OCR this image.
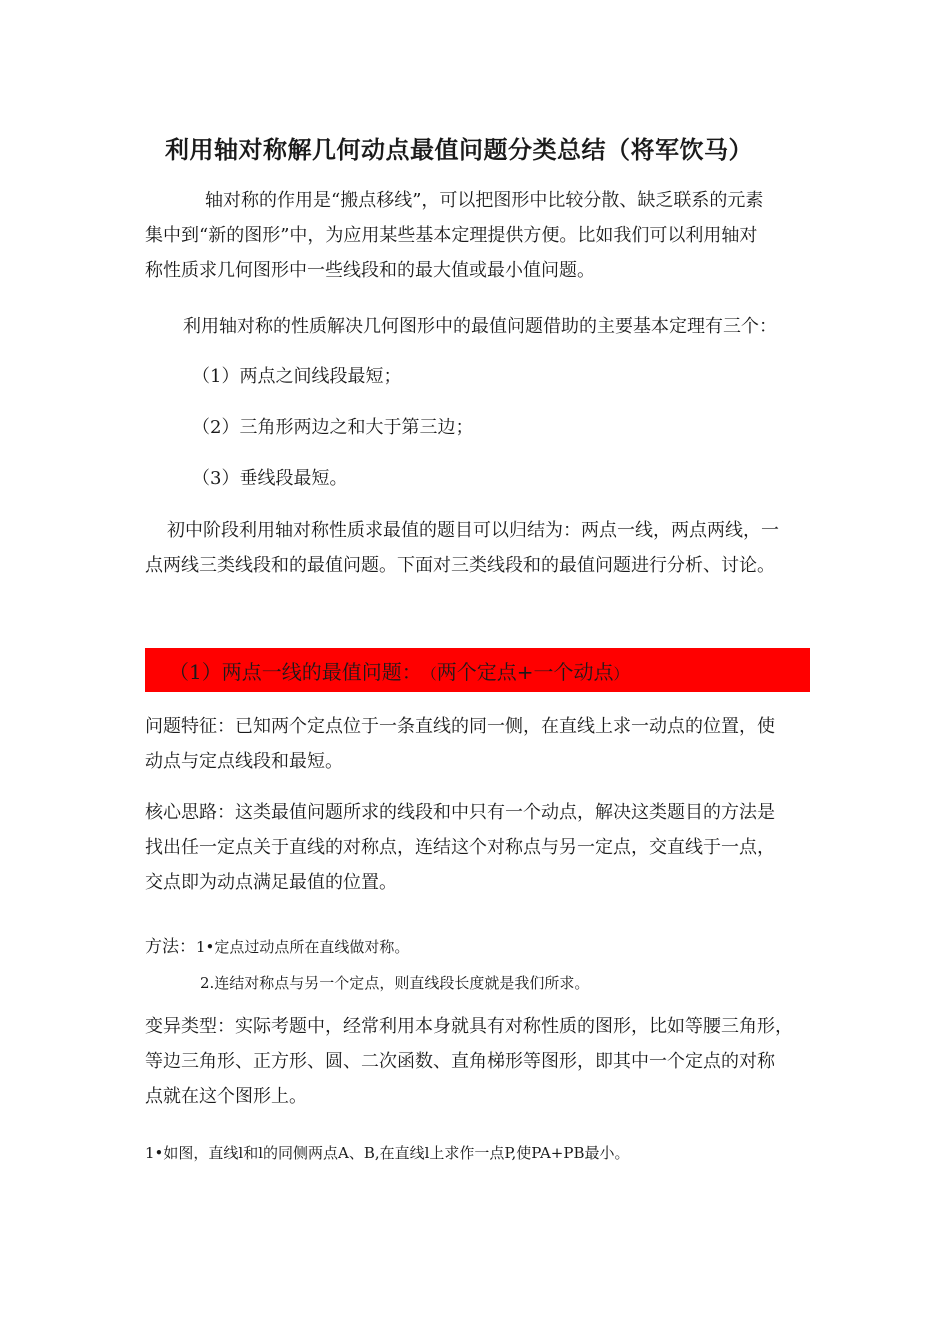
利用轴对称解几何动点最值问题分类总结（将军饮马）
轴对称的作用是“搬点移线”，可以把图形中比较分散、缺乏联系的元素
集中到“新的图形”中，为应用某些基本定理提供方便。比如我们可以利用轴对
称性质求几何图形中一些线段和的最大值或最小值问题。

利用轴对称的性质解决几何图形中的最值问题借助的主要基本定理有三个：

（1）两点之间线段最短；

（2）三角形两边之和大于第三边；

（3）垂线段最短。

初中阶段利用轴对称性质求最值的题目可以归结为：两点一线，两点两线，一
点两线三类线段和的最值问题。下面对三类线段和的最值问题进行分析、讨论。
（1）两点一线的最值问题： （两个定点+一个动点）
问题特征：已知两个定点位于一条直线的同一侧，在直线上求一动点的位置，使
动点与定点线段和最短。
核心思路：这类最值问题所求的线段和中只有一个动点，解决这类题目的方法是
找出任一定点关于直线的对称点，连结这个对称点与另一定点，交直线于一点，
交点即为动点满足最值的位置。

方法：1•定点过动点所在直线做对称。

2.连结对称点与另一个定点，则直线段长度就是我们所求。

变异类型：实际考题中，经常利用本身就具有对称性质的图形，比如等腰三角形，
等边三角形、正方形、圆、二次函数、直角梯形等图形，即其中一个定点的对称
点就在这个图形上。

1•如图，直线l和l的同侧两点A、B,在直线l上求作一点P,使PA+PB最小。
